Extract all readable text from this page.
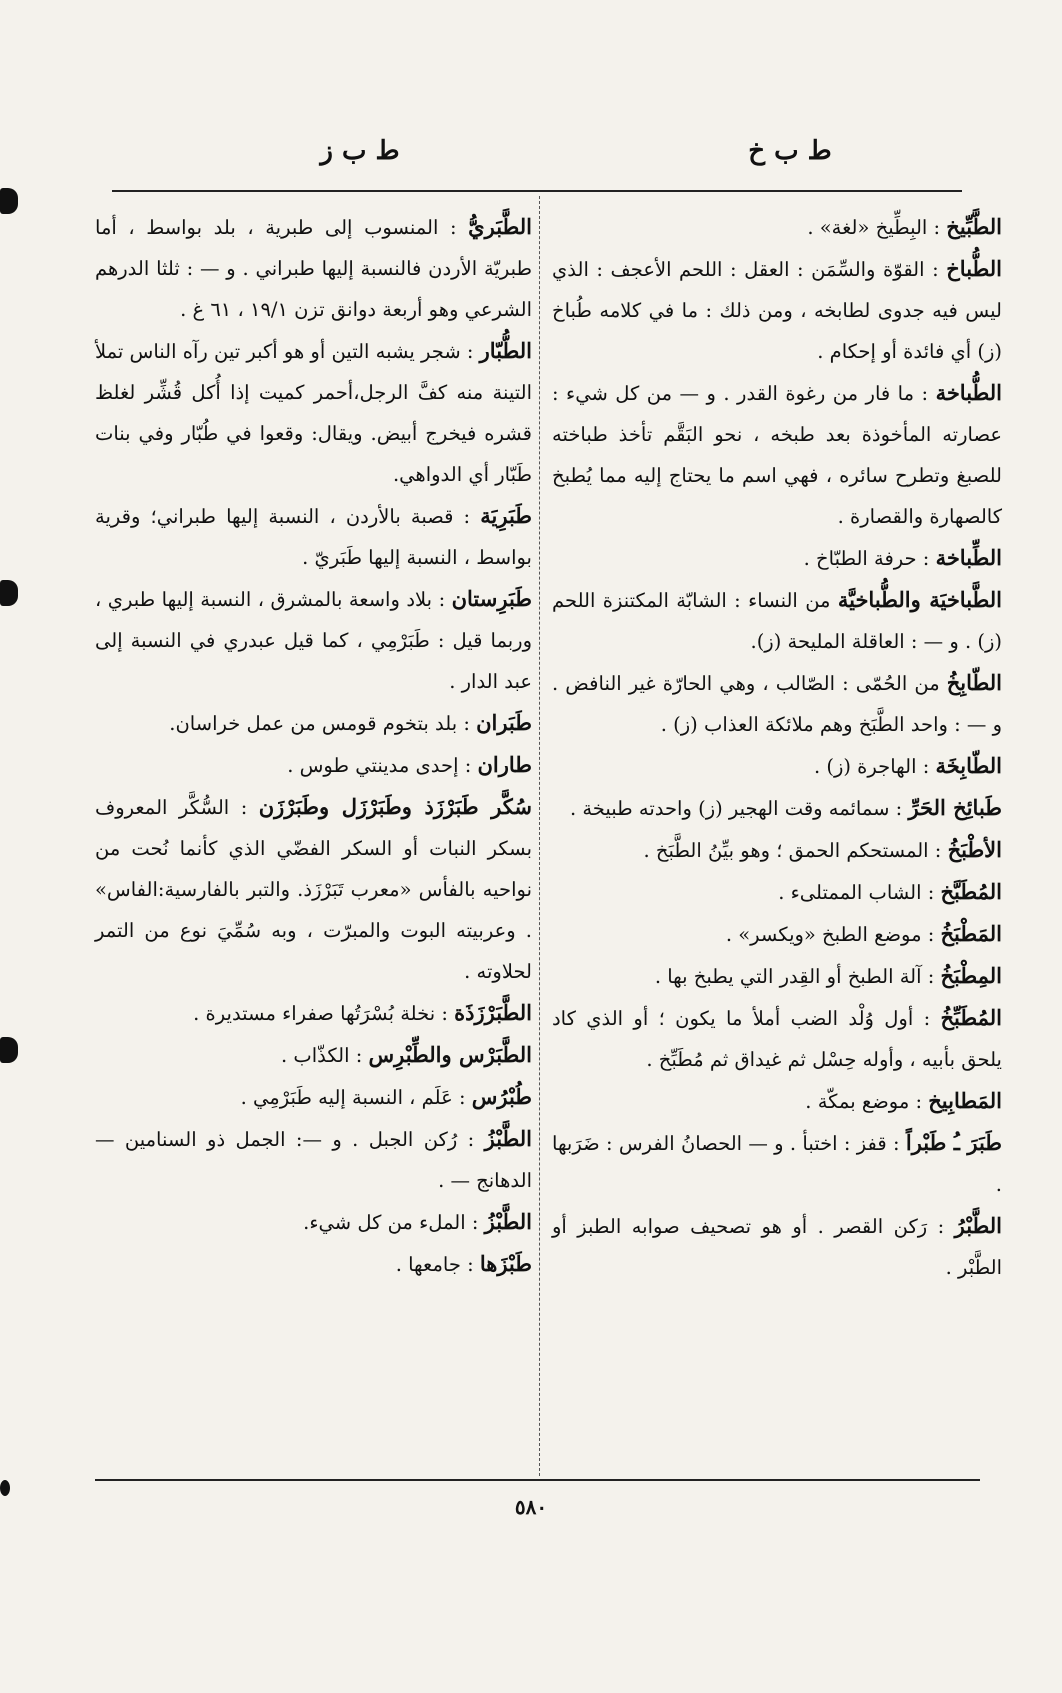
ط ب خ
ط ب ز

الطَّبِّيخ : البِطِّيخ «لغة» .

الطُّباخ : القوّة والسِّمَن : العقل : اللحم الأعجف : الذي ليس فيه جدوى لطابخه ، ومن ذلك : ما في كلامه طُباخ (ز) أي فائدة أو إحكام .

الطُّباخة : ما فار من رغوة القدر . و — من كل شيء : عصارته المأخوذة بعد طبخه ، نحو البَقَّم تأخذ طباخته للصبغ وتطرح سائره ، فهي اسم ما يحتاج إليه مما يُطبخ كالصهارة والقصارة .

الطِّباخة : حرفة الطبّاخ .

الطَّباخيَة والطُّباخيَّة من النساء : الشابّة المكتنزة اللحم (ز) . و — : العاقلة المليحة (ز).

الطّابِخُ من الحُمّى : الصّالب ، وهي الحارّة غير النافض . و — : واحد الطَّبَخ وهم ملائكة العذاب (ز) .

الطّابِخَة : الهاجرة (ز) .

طَبائِخ الحَرِّ : سمائمه وقت الهجير (ز) واحدته طبيخة .

الأطْبَخُ : المستحكم الحمق ؛ وهو بيِّنُ الطَّبَخ .

المُطَبَّخ : الشاب الممتلىء .

المَطْبَخُ : موضع الطبخ «ويكسر» .

المِطْبَخُ : آلة الطبخ أو القِدر التي يطبخ بها .

المُطَبِّخُ : أول وُلْد الضب أملأ ما يكون ؛ أو الذي كاد يلحق بأبيه ، وأوله حِسْل ثم غيداق ثم مُطَبِّخ .

المَطابِيخ : موضع بمكّة .

طَبَرَ ـُ طَبْراً : قفز : اختبأ . و — الحصانُ الفرس : ضَرَبها .

الطَّبْرُ : رَكن القصر . أو هو تصحيف صوابه الطبز أو الطَّبْر .

الطَّبَريُّ : المنسوب إلى طبرية ، بلد بواسط ، أما طبريّة الأردن فالنسبة إليها طبراني . و — : ثلثا الدرهم الشرعي وهو أربعة دوانق تزن ١٩/١ ، ٦١ غ .

الطُّبّار : شجر يشبه التين أو هو أكبر تين رآه الناس تملأ التينة منه كفَّ الرجل،أحمر كميت إذا أُكل قُشِّر لغلظ قشره فيخرج أبيض. ويقال: وقعوا في طُبّار وفي بنات طَبّار أي الدواهي.

طَبَرِيَة : قصبة بالأردن ، النسبة إليها طبراني؛ وقرية بواسط ، النسبة إليها طَبَريّ .

طَبَرِستان : بلاد واسعة بالمشرق ، النسبة إليها طبري ، وربما قيل : طَبَرْمِي ، كما قيل عبدري في النسبة إلى عبد الدار .

طَبَران : بلد بتخوم قومس من عمل خراسان.

طاران : إحدى مدينتي طوس .

سُكَّر طَبَرْزَذ وطَبَرْزَل وطَبَرْزَن : السُّكَّر المعروف بسكر النبات أو السكر الفضّي الذي كأنما نُحت من نواحيه بالفأس «معرب تَبَرْزَذ. والتبر بالفارسية:الفاس» . وعربيته البوت والمبرّت ، وبه سُمِّيَ نوع من التمر لحلاوته .

الطَّبَرْزَذَة : نخلة بُسْرَتُها صفراء مستديرة .

الطَّبَرْس والطِّبْرِس : الكذّاب .

طُبْرُس : عَلَم ، النسبة إليه طَبَرْمِي .

الطَّبْزُ : رُكن الجبل . و —: الجمل ذو السنامين — الدهانج — .

الطَّبْزُ : الملء من كل شيء.

طَبْزَها : جامعها .

٥٨٠
